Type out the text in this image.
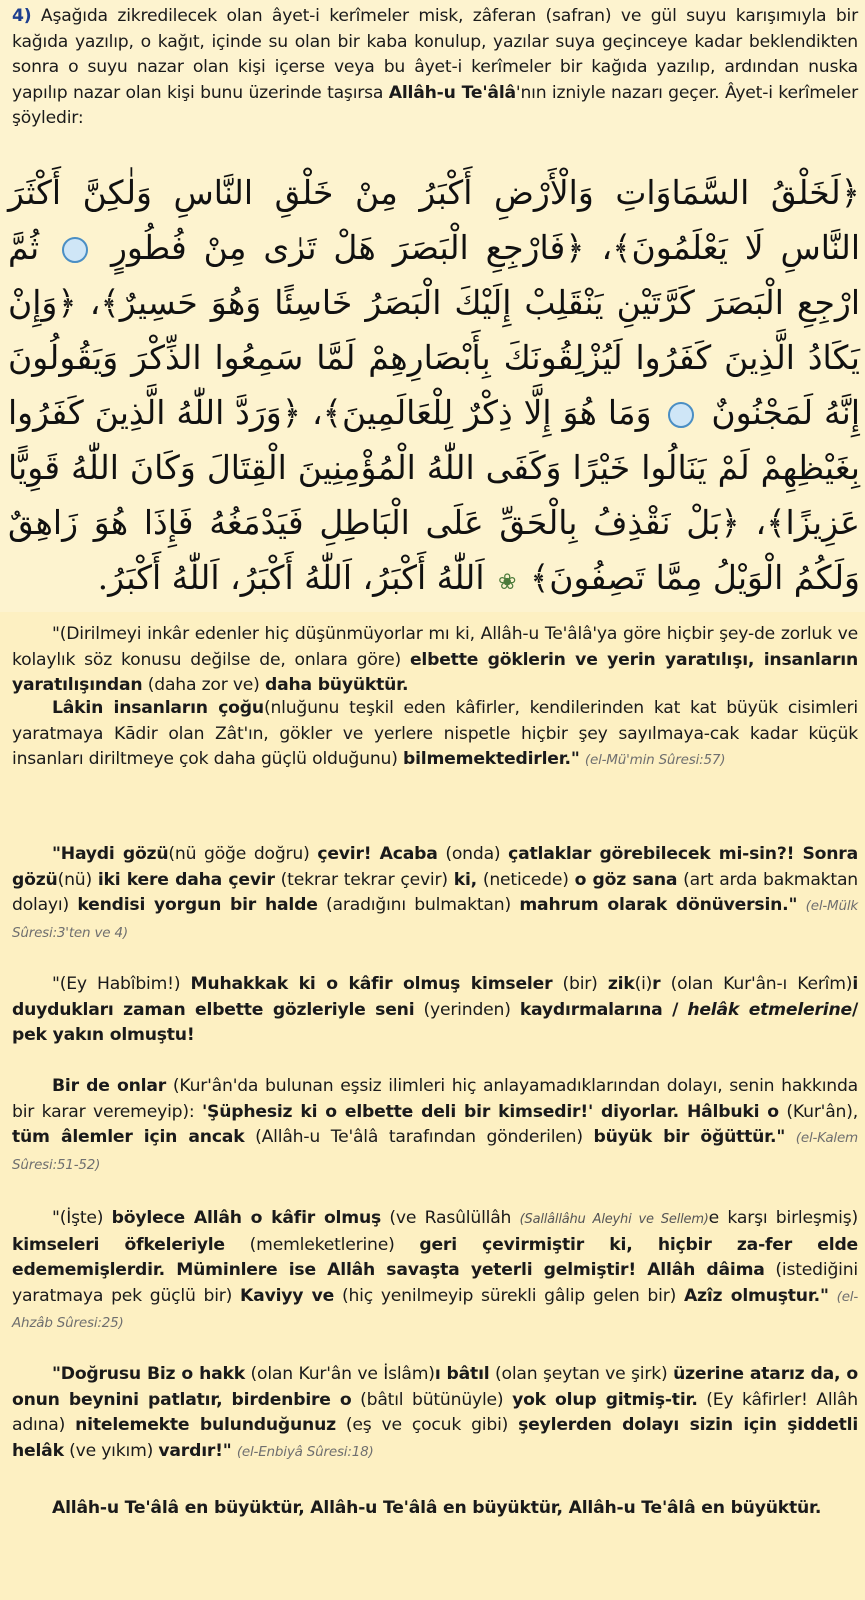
4) Aşağıda zikredilecek olan âyet-i kerîmeler misk, zâferan (safran) ve gül suyu karışımıyla bir kağıda yazılıp, o kağıt, içinde su olan bir kaba konulup, yazılar suya geçinceye kadar beklendikten sonra o suyu nazar olan kişi içerse veya bu âyet-i kerîmeler bir kağıda yazılıp, ardından nuska yapılıp nazar olan kişi bunu üzerinde taşırsa Allâh-u Te'âlâ'nın izniyle nazarı geçer. Âyet-i kerîmeler şöyledir:
﴿لَخَلْقُ السَّمَاوَاتِ وَالْأَرْضِ أَكْبَرُ مِنْ خَلْقِ النَّاسِ وَلٰكِنَّ أَكْثَرَ النَّاسِ لَا يَعْلَمُونَ﴾، ﴿فَارْجِعِ الْبَصَرَ هَلْ تَرٰى مِنْ فُطُورٍ  ثُمَّ ارْجِعِ الْبَصَرَ كَرَّتَيْنِ يَنْقَلِبْ إِلَيْكَ الْبَصَرُ خَاسِئًا وَهُوَ حَسِيرٌ﴾، ﴿وَإِنْ يَكَادُ الَّذِينَ كَفَرُوا لَيُزْلِقُونَكَ بِأَبْصَارِهِمْ لَمَّا سَمِعُوا الذِّكْرَ وَيَقُولُونَ إِنَّهُ لَمَجْنُونٌ  وَمَا هُوَ إِلَّا ذِكْرٌ لِلْعَالَمِينَ﴾، ﴿وَرَدَّ اللّٰهُ الَّذِينَ كَفَرُوا بِغَيْظِهِمْ لَمْ يَنَالُوا خَيْرًا وَكَفَى اللّٰهُ الْمُؤْمِنِينَ الْقِتَالَ وَكَانَ اللّٰهُ قَوِيًّا عَزِيزًا﴾، ﴿بَلْ نَقْذِفُ بِالْحَقِّ عَلَى الْبَاطِلِ فَيَدْمَغُهُ فَإِذَا هُوَ زَاهِقٌ وَلَكُمُ الْوَيْلُ مِمَّا تَصِفُونَ﴾ ❀ اَللّٰهُ أَكْبَرُ، اَللّٰهُ أَكْبَرُ، اَللّٰهُ أَكْبَرُ.

"(Dirilmeyi inkâr edenler hiç düşünmüyorlar mı ki, Allâh-u Te'âlâ'ya göre hiçbir şey-de zorluk ve kolaylık söz konusu değilse de, onlara göre) elbette göklerin ve yerin yaratılışı, insanların yaratılışından (daha zor ve) daha büyüktür.

Lâkin insanların çoğu(nluğunu teşkil eden kâfirler, kendilerinden kat kat büyük cisimleri yaratmaya Kādir olan Zât'ın, gökler ve yerlere nispetle hiçbir şey sayılmaya-cak kadar küçük insanları diriltmeye çok daha güçlü olduğunu) bilmemektedirler." (el-Mü'min Sûresi:57)

"Haydi gözü(nü göğe doğru) çevir! Acaba (onda) çatlaklar görebilecek mi-sin?! Sonra gözü(nü) iki kere daha çevir (tekrar tekrar çevir) ki, (neticede) o göz sana (art arda bakmaktan dolayı) kendisi yorgun bir halde (aradığını bulmaktan) mahrum olarak dönüversin." (el-Mülk Sûresi:3'ten ve 4)

"(Ey Habîbim!) Muhakkak ki o kâfir olmuş kimseler (bir) zik(i)r (olan Kur'ân-ı Kerîm)i duydukları zaman elbette gözleriyle seni (yerinden) kaydırmalarına / helâk etmelerine/ pek yakın olmuştu!

Bir de onlar (Kur'ân'da bulunan eşsiz ilimleri hiç anlayamadıklarından dolayı, senin hakkında bir karar veremeyip): 'Şüphesiz ki o elbette deli bir kimsedir!' diyorlar. Hâlbuki o (Kur'ân), tüm âlemler için ancak (Allâh-u Te'âlâ tarafından gönderilen) büyük bir öğüttür." (el-Kalem Sûresi:51-52)

"(İşte) böylece Allâh o kâfir olmuş (ve Rasûlüllâh (Sallâllâhu Aleyhi ve Sellem)e karşı birleşmiş) kimseleri öfkeleriyle (memleketlerine) geri çevirmiştir ki, hiçbir za-fer elde edememişlerdir. Müminlere ise Allâh savaşta yeterli gelmiştir! Allâh dâima (istediğini yaratmaya pek güçlü bir) Kaviyy ve (hiç yenilmeyip sürekli gâlip gelen bir) Azîz olmuştur." (el-Ahzâb Sûresi:25)

"Doğrusu Biz o hakk (olan Kur'ân ve İslâm)ı bâtıl (olan şeytan ve şirk) üzerine atarız da, o onun beynini patlatır, birdenbire o (bâtıl bütünüyle) yok olup gitmiş-tir. (Ey kâfirler! Allâh adına) nitelemekte bulunduğunuz (eş ve çocuk gibi) şeylerden dolayı sizin için şiddetli helâk (ve yıkım) vardır!" (el-Enbiyâ Sûresi:18)

Allâh-u Te'âlâ en büyüktür, Allâh-u Te'âlâ en büyüktür, Allâh-u Te'âlâ en büyüktür.
